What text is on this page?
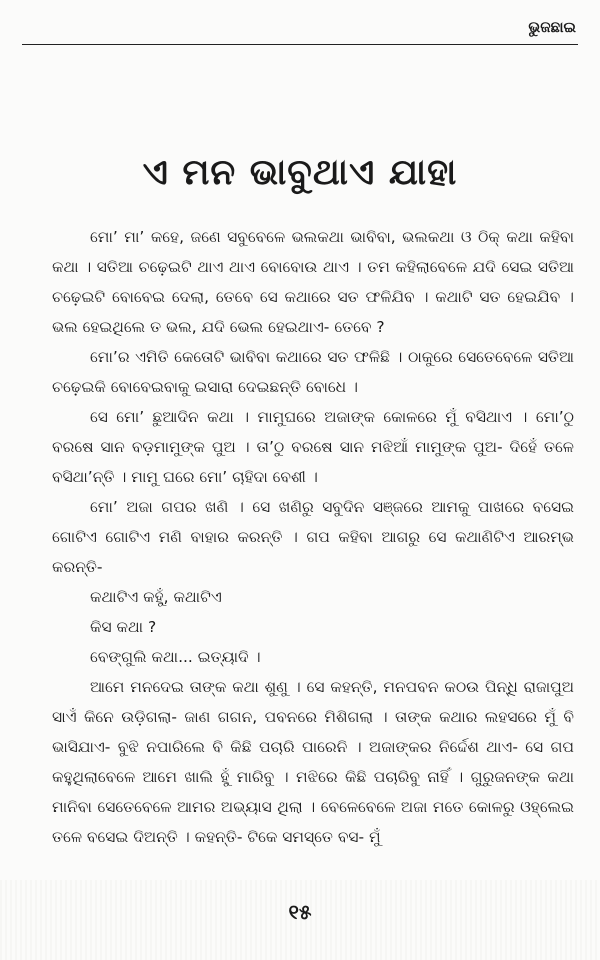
ଭୁଜଛାଇ
ଏ ମନ ଭାବୁଥାଏ ଯାହା

ମୋ’ ମା’ କହେ, ଜଣେ ସବୁବେଳେ ଭଲକଥା ଭାବିବା, ଭଲକଥା ଓ ଠିକ୍ କଥା କହିବା କଥା । ସତିଆ ଚଢ଼େଇଟି ଥାଏ ଥାଏ ବୋବୋଉ ଥାଏ । ତମ କହିଲାବେଳେ ଯଦି ସେଇ ସତିଆ ଚଢ଼େଇଟି ବୋବେଇ ଦେଲା, ତେବେ ସେ କଥାରେ ସତ ଫଳିଯିବ । କଥାଟି ସତ ହେଇଯିବ । ଭଲ ହେଇଥିଲେ ତ ଭଲ, ଯଦି ଭେଲ ହେଇଥାଏ- ତେବେ ?

ମୋ’ର ଏମିତି କେତୋଟି ଭାବିବା କଥାରେ ସତ ଫଳିଛି । ଠାକୁରେ ସେତେବେଳେ ସତିଆ ଚଢ଼େଇକି ବୋବେଇବାକୁ ଇସାରା ଦେଇଛନ୍ତି ବୋଧେ ।

ସେ ମୋ’ ଛୁଆଦିନ କଥା । ମାମୁଘରେ ଅଜାଙ୍କ କୋଳରେ ମୁଁ ବସିଥାଏ । ମୋ’ଠୁ ବରଷେ ସାନ ବଡ଼ମାମୁଙ୍କ ପୁଅ । ତା’ଠୁ ବରଷେ ସାନ ମଝିଆଁ ମାମୁଙ୍କ ପୁଅ- ଦିହେଁ ତଳେ ବସିଥା’ନ୍ତି । ମାମୁ ଘରେ ମୋ’ ଚାହିଦା ବେଶୀ ।

ମୋ’ ଅଜା ଗପର ଖଣି । ସେ ଖଣିରୁ ସବୁଦିନ ସଞ୍ଜରେ ଆମକୁ ପାଖରେ ବସେଇ ଗୋଟିଏ ଗୋଟିଏ ମଣି ବାହାର କରନ୍ତି । ଗପ କହିବା ଆଗରୁ ସେ କଥାଣିଟିଏ ଆରମ୍ଭ କରନ୍ତି-

କଥାଟିଏ କହୁଁ, କଥାଟିଏ

କିସ କଥା ?

ବେଙ୍ଗୁଲି କଥା... ଇତ୍ୟାଦି ।

ଆମେ ମନଦେଇ ତାଙ୍କ କଥା ଶୁଣୁ । ସେ କହନ୍ତି, ମନପବନ କଠଉ ପିନ୍ଧି ରାଜାପୁଅ ସାଏଁ କିନେ ଉଡ଼ିଗଲା- ଜାଣ ଗଗନ, ପବନରେ ମିଶିଗଲା । ତାଙ୍କ କଥାର ଲହସରେ ମୁଁ ବି ଭାସିଯାଏ- ବୁଝି ନପାରିଲେ ବି କିଛି ପଚାରି ପାରେନି । ଅଜାଙ୍କର ନିର୍ଦ୍ଦେଶ ଥାଏ- ସେ ଗପ କହୁଥିଲାବେଳେ ଆମେ ଖାଲି ହୁଁ ମାରିବୁ । ମଝିରେ କିଛି ପଚାରିବୁ ନାହିଁ । ଗୁରୁଜନଙ୍କ କଥା ମାନିବା ସେତେବେଳେ ଆମର ଅଭ୍ୟାସ ଥିଲା । ବେଳେବେଳେ ଅଜା ମତେ କୋଳରୁ ଓହ୍ଲେଇ ତଳେ ବସେଇ ଦିଅନ୍ତି । କହନ୍ତି- ଟିକେ ସମସ୍ତେ ବସ- ମୁଁ

୧୫
